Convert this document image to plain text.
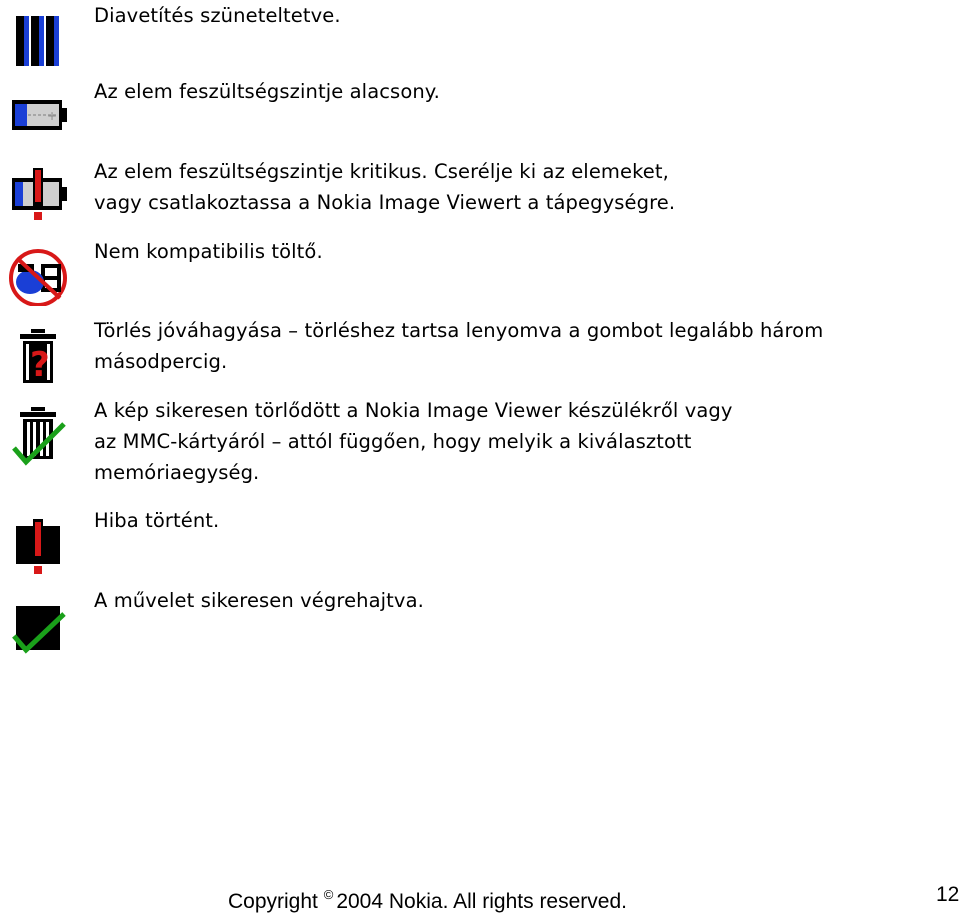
Diavetítés szüneteltetve.
+
Az elem feszültségszintje alacsony.
Az elem feszültségszintje kritikus. Cserélje ki az elemeket,
vagy csatlakoztassa a Nokia Image Viewert a tápegységre.
Nem kompatibilis töltő.
?
Törlés jóváhagyása – törléshez tartsa lenyomva a gombot legalább három
másodpercig.
A kép sikeresen törlődött a Nokia Image Viewer készülékről vagy
az MMC-kártyáról – attól függően, hogy melyik a kiválasztott
memóriaegység.
Hiba történt.
A művelet sikeresen végrehajtva.
Copyright © 2004 Nokia. All rights reserved.	12
